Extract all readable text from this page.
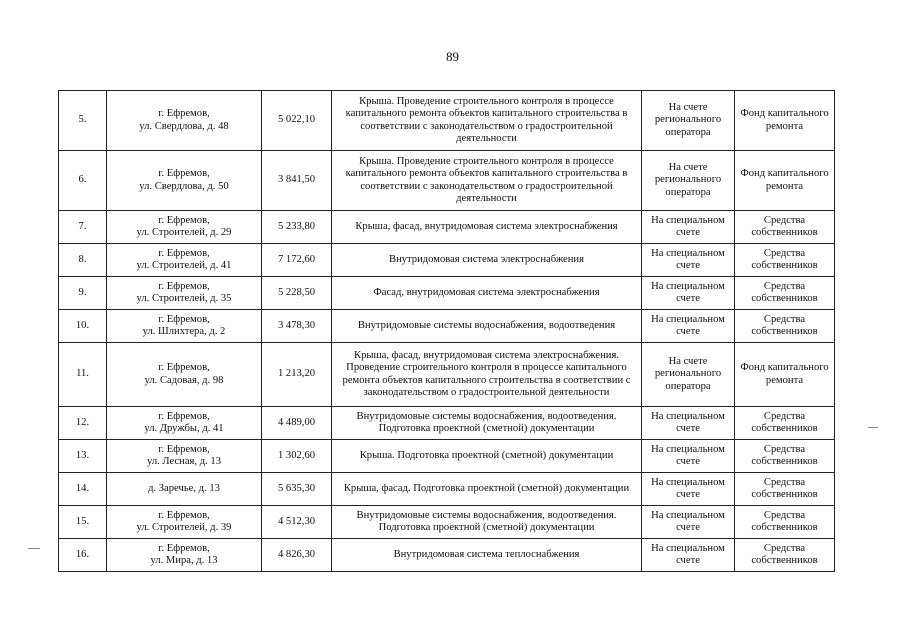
89
5.	г. Ефремов,
ул. Свердлова, д. 48	5 022,10	Крыша. Проведение строительного контроля в процессе капитального ремонта объектов капитального строительства в соответствии с законодательством о градостроительной деятельности	На счете регионального оператора	Фонд капитального ремонта
6.	г. Ефремов,
ул. Свердлова, д. 50	3 841,50	Крыша. Проведение строительного контроля в процессе капитального ремонта объектов капитального строительства в соответствии с законодательством о градостроительной деятельности	На счете регионального оператора	Фонд капитального ремонта
7.	г. Ефремов,
ул. Строителей, д. 29	5 233,80	Крыша, фасад, внутридомовая система электроснабжения	На специальном счете	Средства собственников
8.	г. Ефремов,
ул. Строителей, д. 41	7 172,60	Внутридомовая система электроснабжения	На специальном счете	Средства собственников
9.	г. Ефремов,
ул. Строителей, д. 35	5 228,50	Фасад, внутридомовая система электроснабжения	На специальном счете	Средства собственников
10.	г. Ефремов,
ул. Шлихтера, д. 2	3 478,30	Внутридомовые системы водоснабжения, водоотведения	На специальном счете	Средства собственников
11.	г. Ефремов,
ул. Садовая, д. 98	1 213,20	Крыша, фасад, внутридомовая система электроснабжения. Проведение строительного контроля в процессе капитального ремонта объектов капитального строительства в соответствии с законодательством о градостроительной деятельности	На счете регионального оператора	Фонд капитального ремонта
12.	г. Ефремов,
ул. Дружбы, д. 41	4 489,00	Внутридомовые системы водоснабжения, водоотведения. Подготовка проектной (сметной) документации	На специальном счете	Средства собственников
13.	г. Ефремов,
ул. Лесная, д. 13	1 302,60	Крыша. Подготовка проектной (сметной) документации	На специальном счете	Средства собственников
14.	д. Заречье, д. 13	5 635,30	Крыша, фасад. Подготовка проектной (сметной) документации	На специальном счете	Средства собственников
15.	г. Ефремов,
ул. Строителей, д. 39	4 512,30	Внутридомовые системы водоснабжения, водоотведения. Подготовка проектной (сметной) документации	На специальном счете	Средства собственников
16.	г. Ефремов,
ул. Мира, д. 13	4 826,30	Внутридомовая система теплоснабжения	На специальном счете	Средства собственников
